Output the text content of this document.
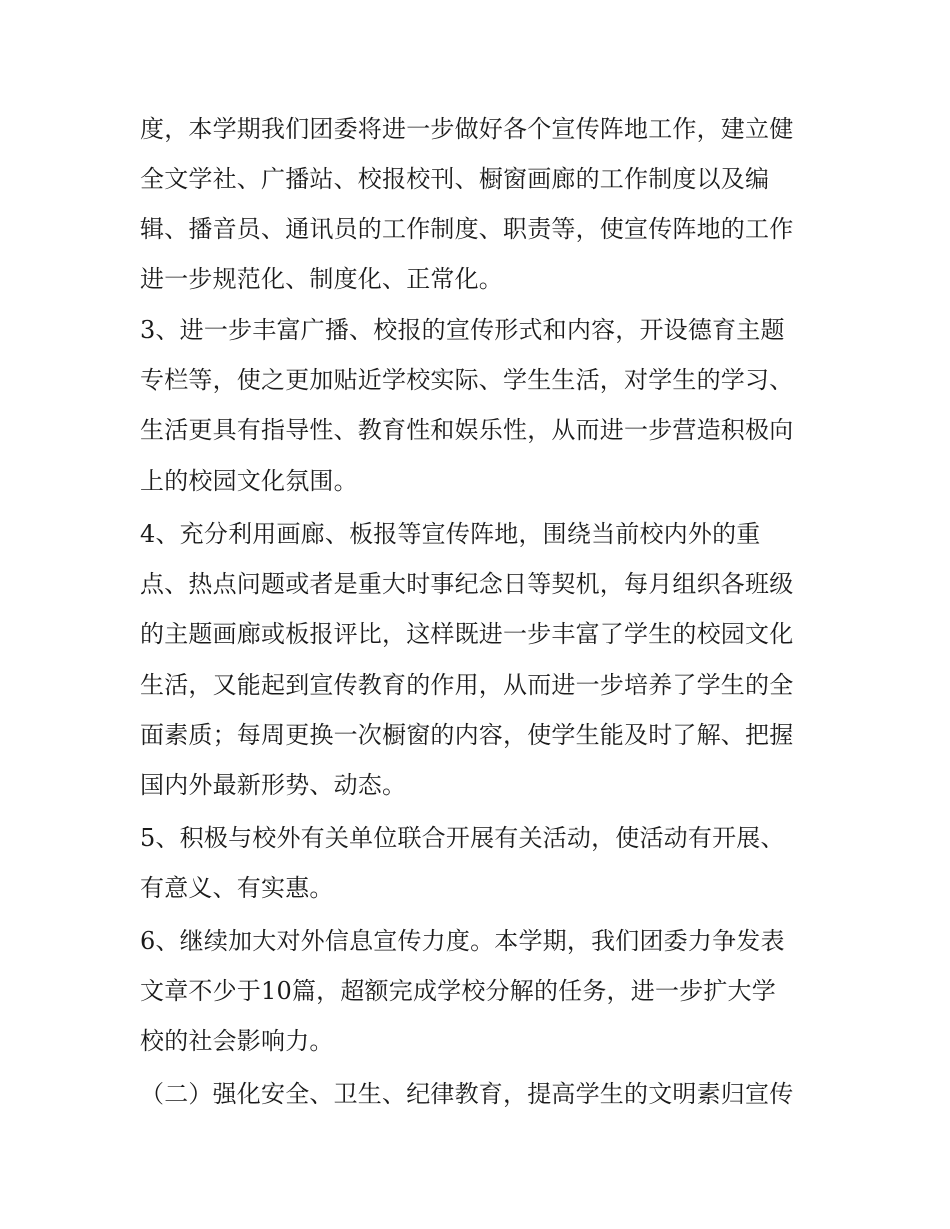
度，本学期我们团委将进一步做好各个宣传阵地工作，建立健
全文学社、广播站、校报校刊、橱窗画廊的工作制度以及编
辑、播音员、通讯员的工作制度、职责等，使宣传阵地的工作
进一步规范化、制度化、正常化。
3、进一步丰富广播、校报的宣传形式和内容，开设德育主题
专栏等，使之更加贴近学校实际、学生生活，对学生的学习、
生活更具有指导性、教育性和娱乐性，从而进一步营造积极向
上的校园文化氛围。
4、充分利用画廊、板报等宣传阵地，围绕当前校内外的重
点、热点问题或者是重大时事纪念日等契机，每月组织各班级
的主题画廊或板报评比，这样既进一步丰富了学生的校园文化
生活，又能起到宣传教育的作用，从而进一步培养了学生的全
面素质；每周更换一次橱窗的内容，使学生能及时了解、把握
国内外最新形势、动态。
5、积极与校外有关单位联合开展有关活动，使活动有开展、
有意义、有实惠。
6、继续加大对外信息宣传力度。本学期，我们团委力争发表
文章不少于10篇，超额完成学校分解的任务，进一步扩大学
校的社会影响力。
（二）强化安全、卫生、纪律教育，提高学生的文明素归宣传
